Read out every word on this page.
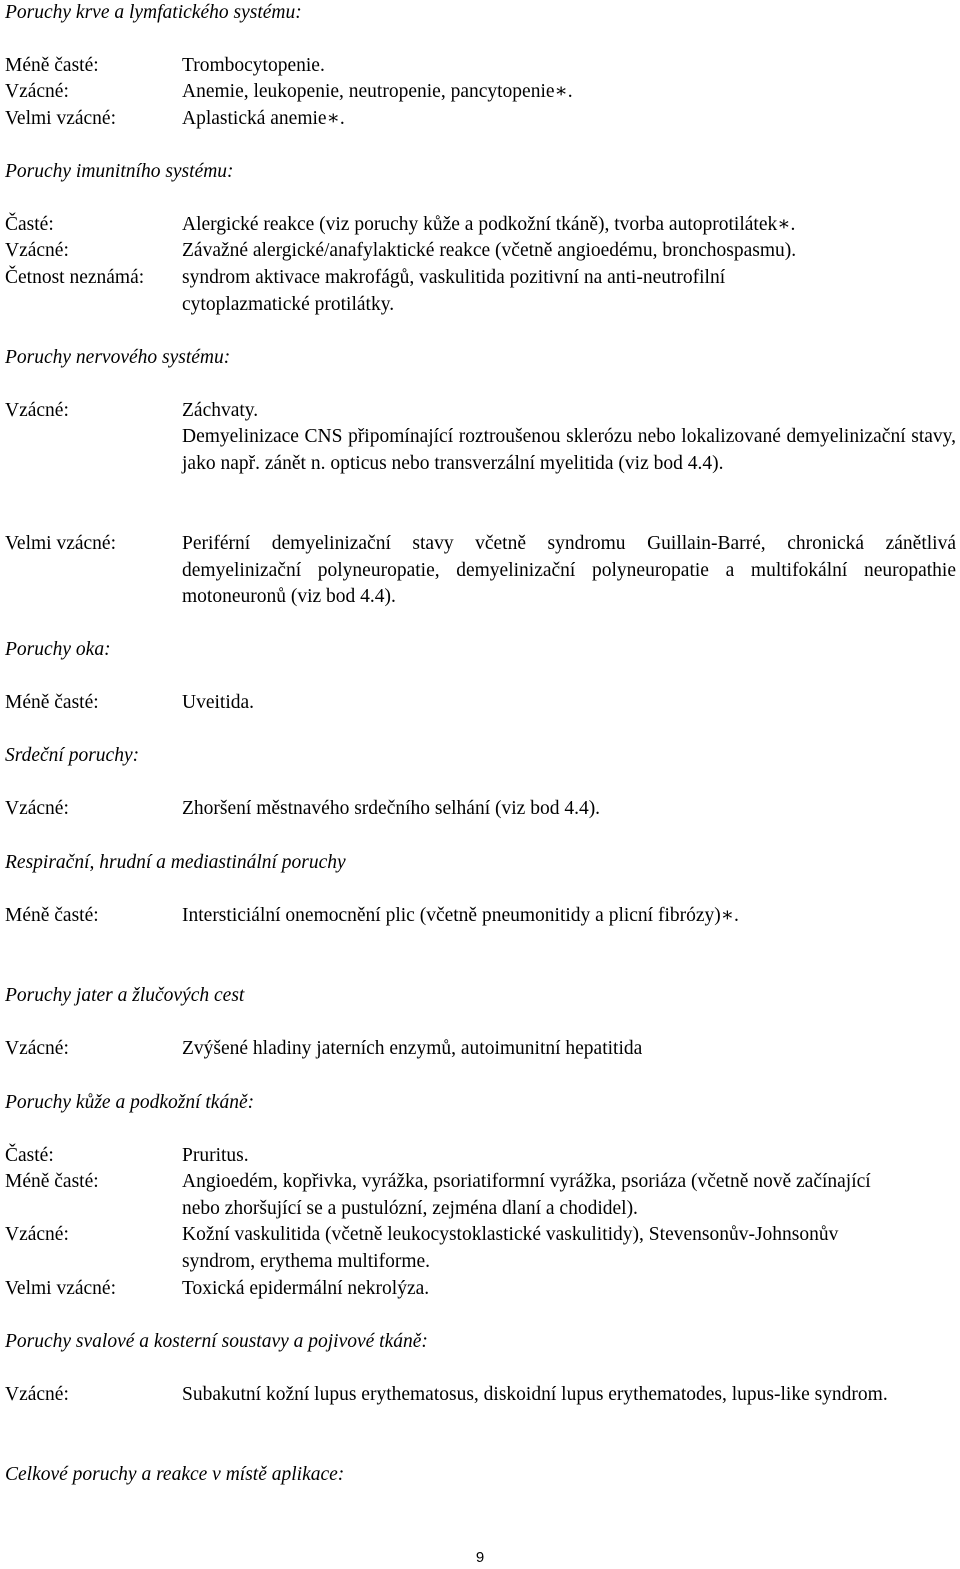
Poruchy krve a lymfatického systému:
Méně časté:	Trombocytopenie.
Vzácné:	Anemie, leukopenie, neutropenie, pancytopenie∗.
Velmi vzácné:	Aplastická anemie∗.
Poruchy imunitního systému:
Časté:	Alergické reakce (viz poruchy kůže a podkožní tkáně), tvorba autoprotilátek∗.
Vzácné:	Závažné alergické/anafylaktické reakce (včetně angioedému, bronchospasmu).
Četnost neznámá: syndrom aktivace makrofágů, vaskulitida pozitivní na anti-neutrofilní cytoplazmatické protilátky.
Poruchy nervového systému:
Vzácné:	Záchvaty.
Demyelinizace CNS připomínající roztroušenou sklerózu nebo lokalizované demyelinizační stavy, jako např. zánět n. opticus nebo transverzální myelitida (viz bod 4.4).
Velmi vzácné:	Periférní demyelinizační stavy včetně syndromu Guillain-Barré, chronická zánětlivá demyelinizační polyneuropatie, demyelinizační polyneuropatie a multifokální neuropathie motoneuronů (viz bod 4.4).
Poruchy oka:
Méně časté:	Uveitida.
Srdeční poruchy:
Vzácné:	Zhoršení městnavého srdečního selhání (viz bod 4.4).
Respirační, hrudní a mediastinální poruchy
Méně časté:	Intersticiální onemocnění plic (včetně pneumonitidy a plicní fibrózy)∗.
Poruchy jater a žlučových cest
Vzácné:	Zvýšené hladiny jaterních enzymů, autoimunitní hepatitida
Poruchy kůže a podkožní tkáně:
Časté:	Pruritus.
Méně časté:	Angioedém, kopřivka, vyrážka, psoriatiformní vyrážka, psoriáza (včetně nově začínající nebo zhoršující se a pustulózní, zejména dlaní a chodidel).
Vzácné:	Kožní vaskulitida (včetně leukocystoklastické vaskulitidy), Stevensonův-Johnsonův syndrom, erythema multiforme.
Velmi vzácné:	Toxická epidermální nekrolýza.
Poruchy svalové a kosterní soustavy a pojivové tkáně:
Vzácné:	Subakutní kožní lupus erythematosus, diskoidní lupus erythematodes, lupus-like syndrom.
Celkové poruchy a reakce v místě aplikace:
9
